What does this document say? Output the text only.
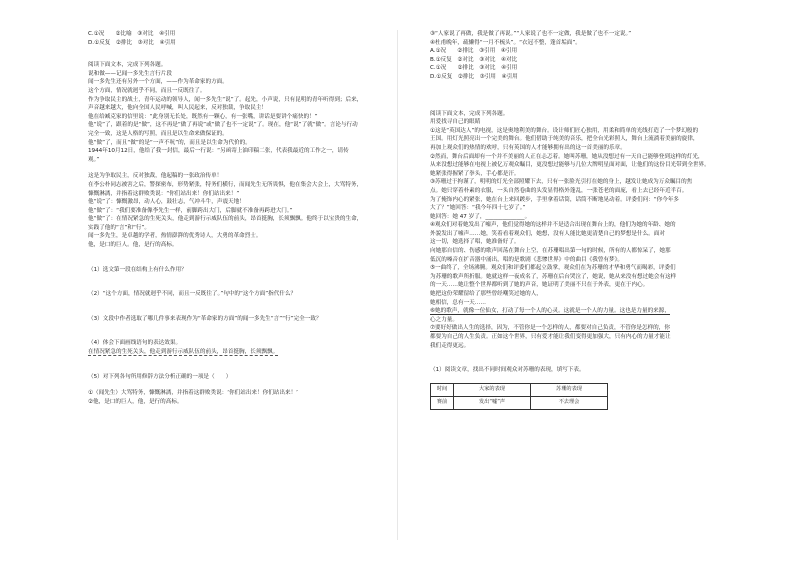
C.①况　　②比喻　③对比　④引用

D.①反复　②排比　③对比　④引用

阅读下面文本，完成下列各题。

说和做——记闻一多先生言行片段

闻一多先生还有另外一个方面，——作为革命家的方面。

这个方面，情况就迥乎不同，而且一反既往了。

作为争取民主的战士，青年运动的领导人，闻一多先生“说”了。起先，小声说，只有昆明的青年听得到；后来，

声音越来越大，他向全国人民呼喊，叫人民起来，反对独裁，争取民主！

他在给臧克家的信里说：“此身别无长处，既然有一颗心，有一张嘴，讲话是要讲个痛快的！”

他“说”了，跟着的是“做”，这不再是“做了再说”或“做了也不一定说”了。现在，他“说”了就“做”。言论与行动

完全一致，这是人格的写照，而且是以生命来做保证的。

他“做”了，而且“做”的是“一声不吭”的，而且是以生命为代价的。

1944年10月12日，他给了我一封信，最后一行说：“另函寄上油印稿二张，代表我最近的工作之一，请传

观。”

这是为争取民主，反对独裁，他起稿的一张政治传单！

在李公朴同志被害之后，警探密布，形势紧张，特务们横行，而闻先生无所畏惧，他在集会大会上，大骂特务，

慷慨淋漓，并指着这群败类说：“你们站出来！你们站出来！”

他“说”了：慷慨激昂，动人心，鼓壮志，气冲斗牛，声震天地！

他“做”了：“我们要准备像李先生一样，前脚跨出大门，后脚就不准备再跨进大门。”

他“做”了：在情况紧急的生死关头，他走到游行示威队伍的前头，昂首挺胸，长须飘飘。他终于以宝贵的生命，

实践了他的“言”和“行”。

闻一多先生，是卓越的学者，热情澎湃的优秀诗人，大勇的革命烈士。

他，是口的巨人。他，是行的高标。

（1）选文第一段在结构上有什么作用？

（2）“这个方面，情况就迥乎不同，而且一反既往了。”句中的“这个方面”指代什么？

（3）文段中作者选取了哪几件事来表现作为“革命家的方面”的闻一多先生“言”“行”完全一致？

（4）体会下面画线语句的表达效果。

在情况紧急的生死关头，他走到游行示威队伍的前头，昂首挺胸，长须飘飘。

（5）对下列各句所用修辞方法分析正确的一项是（　　）

①（闻先生）大骂特务，慷慨淋漓，并指着这群败类说：‘你们站出来！你们站出来！’

②他，是口的巨人，他，是行的高标。

③“人家说了再做，我是做了再说。”“人家说了也不一定做，我是做了也不一定说。”

④杜甫晚年，疏懒得“一月不梳头”。“衣冠不整，蓬首垢面”。

A.①况　　②排比　③引用　④引用

B.①反复　②对比　③对比　④对比

C.①况　　②排比　③对比　④引用

D.①反复　②排比　③引用　④引用

阅读下面文本，完成下列各题。

用爱找寻自己的眼睛

①这是“英国达人”的电视，这是奥地利美的舞台。设计师们匠心独用，用柔和简单的光线打造了一个梦幻般的

王国。用灯光照亮出一个完美的舞台。他们借助于纯美的音乐，把全台光彩照人，舞台上流淌着美丽的旋律，

再加上观众们的热情的欢呼，只有英国的人才能够拥有出的这一首美丽的乐章。

②然而，舞台后面却有一个并不美丽的人正在忐忑着。她叫苏珊，她从没想过有一天自己能够登到这样的灯光，

从来没想过能够在电视上被亿万观众瞩目，更没想过能够与几位大牌明星面对面，让他们的这份目光带到全世界。

她紧张得握紧了拳头，手心都是汗。

③苏珊过于拘谨了，明明的灯光全部照耀下去，只有一张脸光引打在她的身上，越发让她成为万众瞩目的焦

点。她只穿着朴素的衣服，一头自然卷曲的头发显得格外蓬乱，一张苍老的面庞，看上去已经年近半百。

为了掩饰内心的紧张，她在台上来回踱步，手里拿着话筒，话筒不断地晃动着。评委们问：“你今年多

大了？”她回答：“我今年四十七岁了。”

她回答：她 47 岁了，______________。

④观众们对着她发出了嘘声，他们觉得她的这样并不是适合出现在舞台上的，他们为她的年龄、她的

外貌发出了嘘声……她，笑着看着观众们，她想，没有人能比她更清楚自己的梦想是什么。面对

这一切，她选择了唱，她准备好了。

向她那自信的、伤感的歌声回荡在舞台上空，在苏珊唱出第一句的时候，所有的人都惊呆了，她那

低沉的嗓音在扩音器中涌出，唱的是歌剧《悲惨世界》中的曲目《我曾有梦》。

⑤一曲终了，全场沸腾。观众们和评委们都起立鼓掌，观众们在为苏珊的才华和勇气而喝彩，评委们

为苏珊的歌声所折服。她就这样一夜成名了，苏珊在后台哭泣了，她说，她从来没有想过她会有这样

的一天……她让整个世界都听到了她的声音，她证明了美丽不只在于外表，更在于内心。

她把这份荣耀留给了那些曾经嘲笑过她的人，

她相信，总有一天……

⑥她的歌声，就像一位仙女，打动了每一个人的心灵。这就是一个人的力量。这也是力量的来源，

心之力量。

⑦要好好做出人生的选择，因为，不管你是一个怎样的人，都要对自己负责，不管你是怎样的，你

都要为自己的人生负责。正如这个世界，只有爱才能让我们变得更加强大，只有内心的力量才能让

我们走得更远。

（1）阅读文章，找出不同时间观众对苏珊的表现，填写下表。

时间	大家的表现	苏珊的表现
赛前	发出“嘘”声	不去理会
